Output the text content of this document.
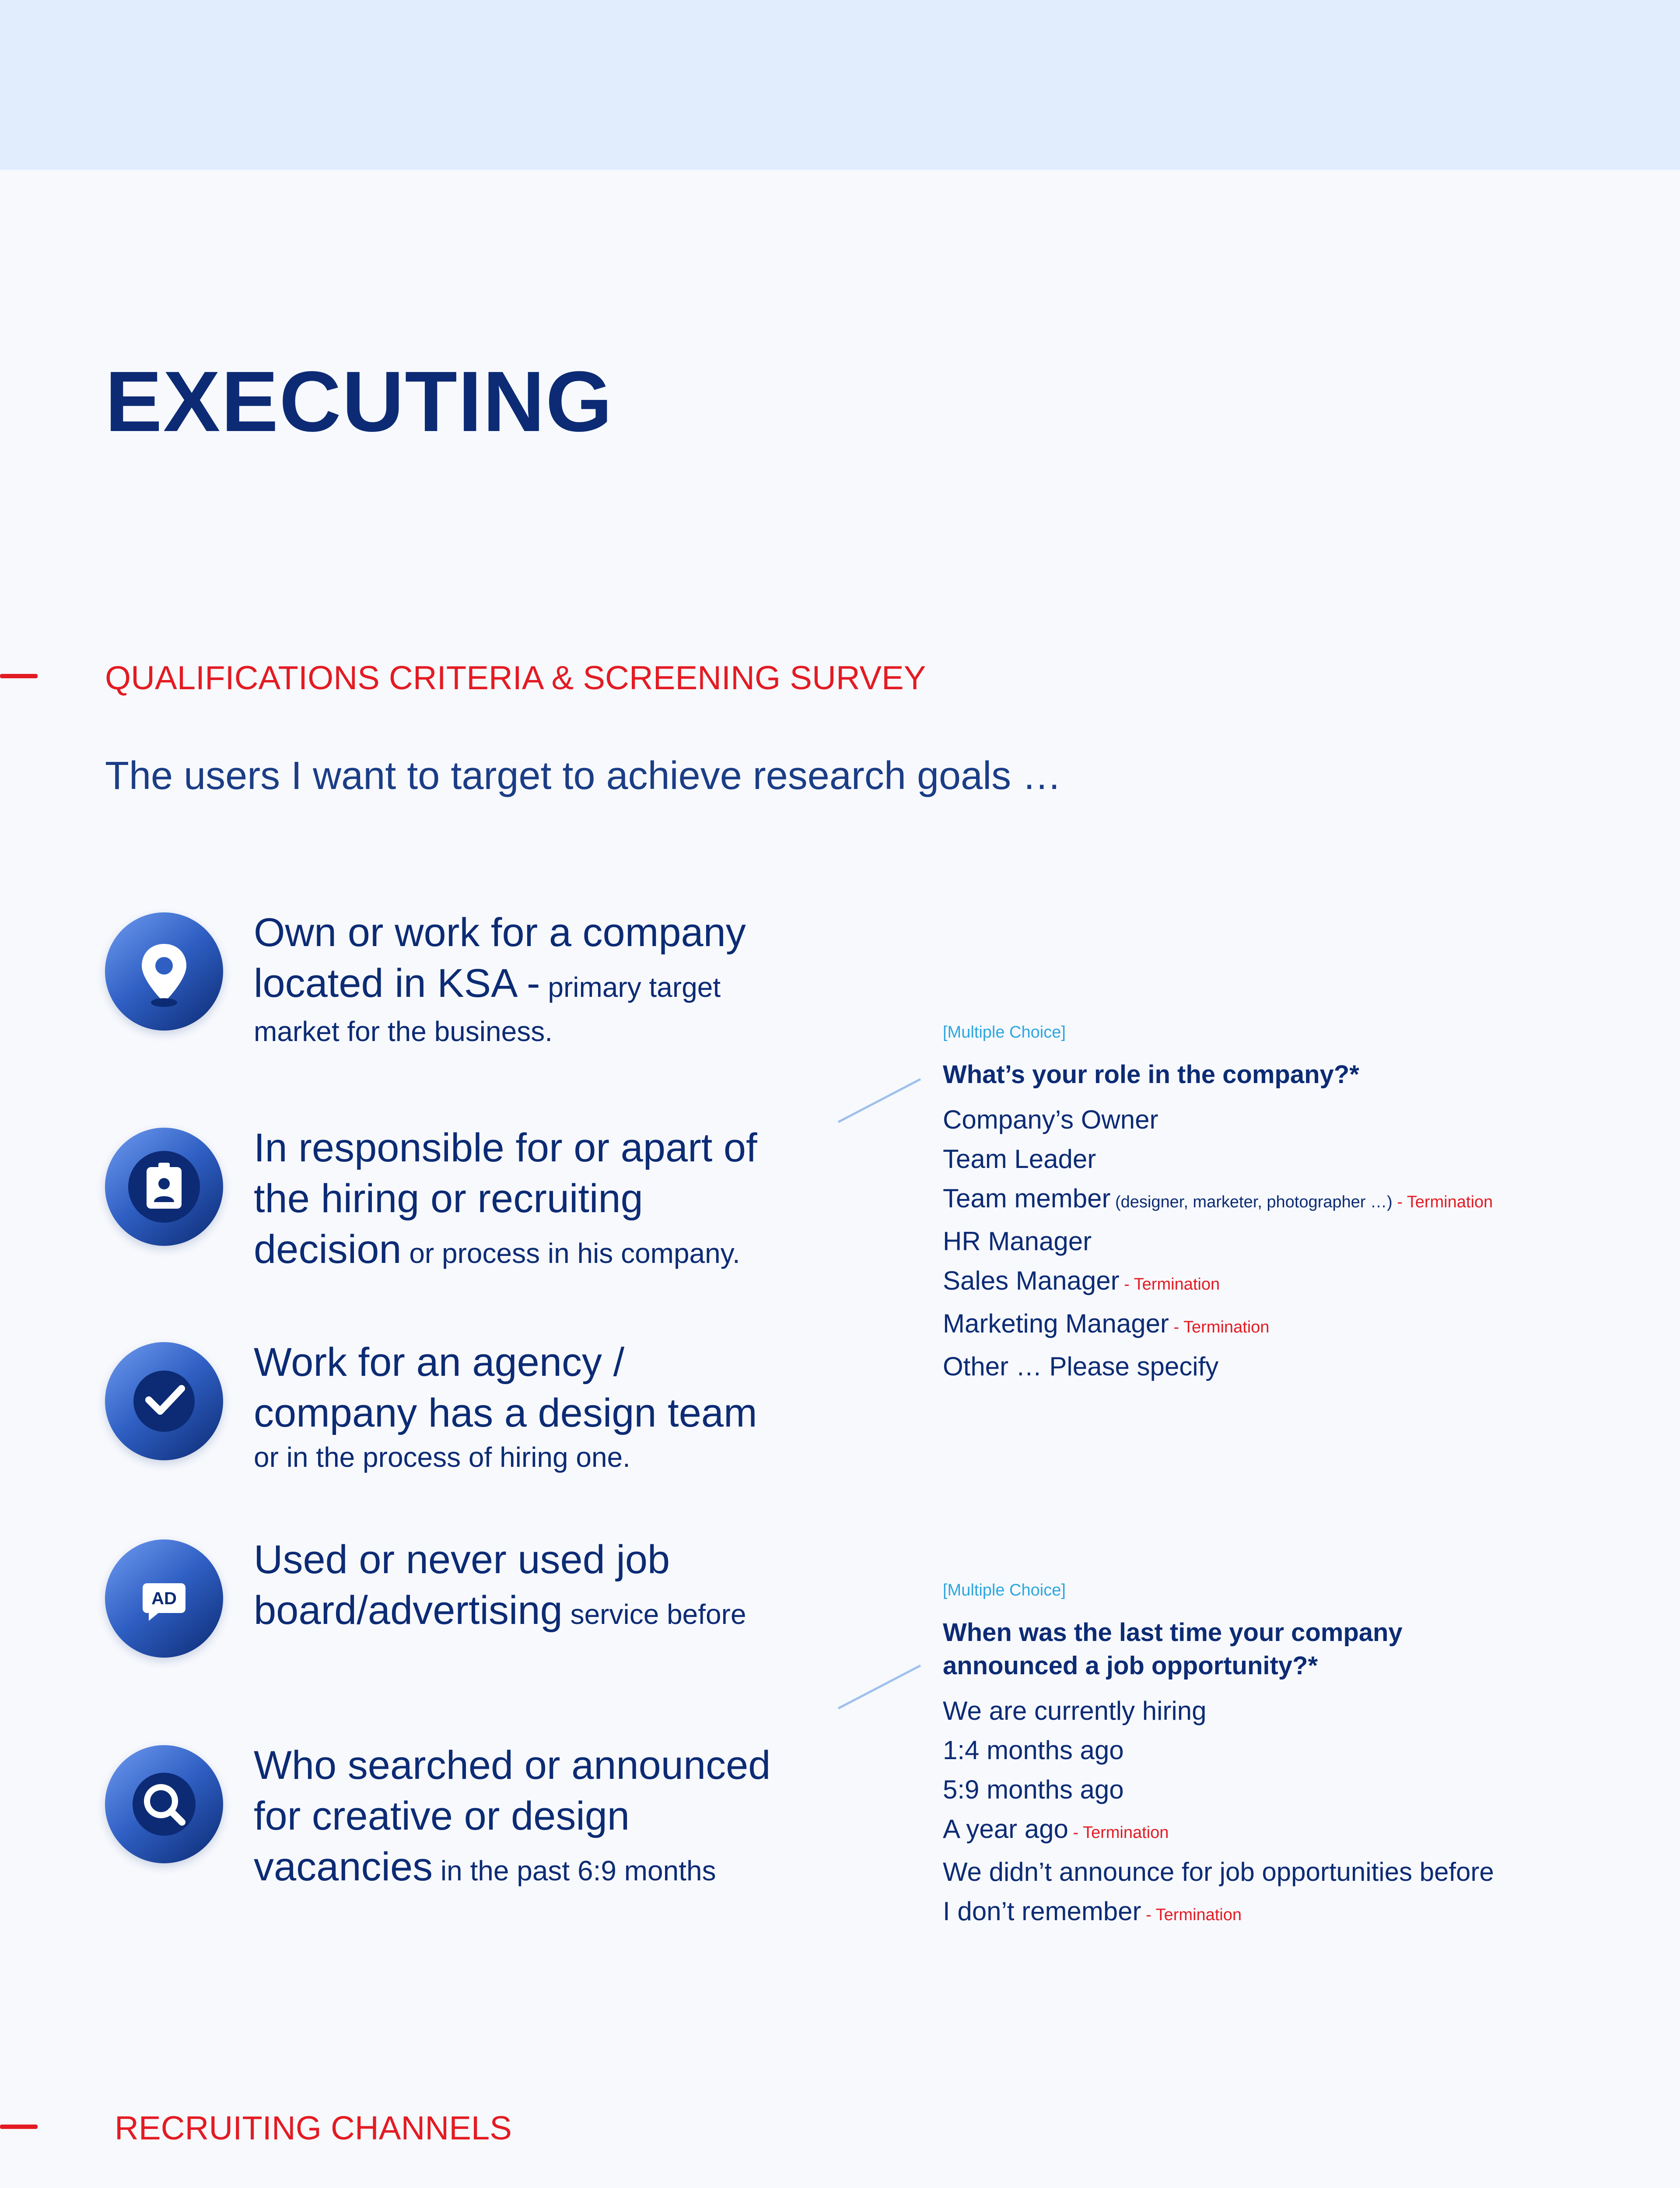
EXECUTING
QUALIFICATIONS CRITERIA & SCREENING SURVEY
The users I want to target to achieve research goals …
Own or work for a company
located in KSA - primary target
market for the business.
In responsible for or apart of
the hiring or recruiting
decision or process in his company.
Work for an agency /
company has a design team
or in the process of hiring one.
AD
Used or never used job
board/advertising service before
Who searched or announced
for creative or design
vacancies in the past 6:9 months
[Multiple Choice]
What’s your role in the company?*
Company’s Owner
Team Leader
Team member (designer, marketer, photographer …) - Termination
HR Manager
Sales Manager - Termination
Marketing Manager - Termination
Other … Please specify
[Multiple Choice]
When was the last time your company
announced a job opportunity?*
We are currently hiring
1:4 months ago
5:9 months ago
A year ago - Termination
We didn’t announce for job opportunities before
I don’t remember - Termination
RECRUITING CHANNELS
